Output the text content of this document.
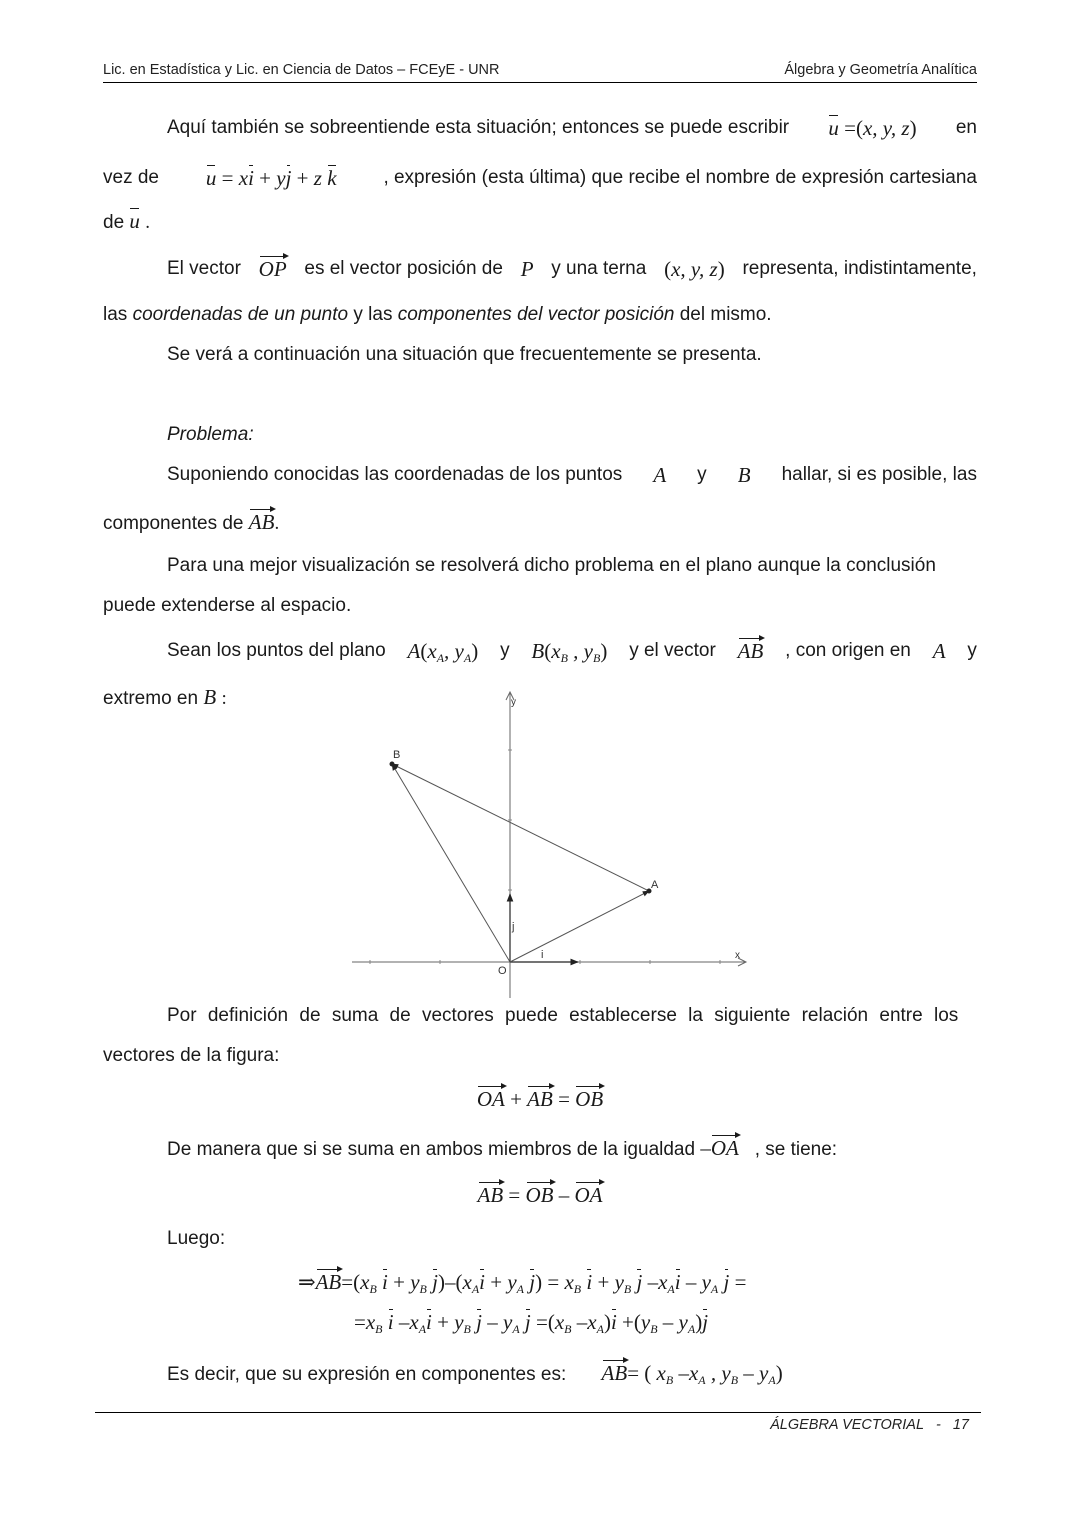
Lic. en Estadística y Lic. en Ciencia de Datos – FCEyE - UNR	Álgebra y Geometría Analítica
Aquí también se sobreentiende esta situación; entonces se puede escribir u =(x, y, z) en
vez de u = xi + yj + z k , expresión (esta última) que recibe el nombre de expresión cartesiana
de u .
El vector OP es el vector posición de P y una terna (x, y, z) representa, indistintamente,
las coordenadas de un punto y las componentes del vector posición del mismo.
Se verá a continuación una situación que frecuentemente se presenta.
Problema:
Suponiendo conocidas las coordenadas de los puntos A y B hallar, si es posible, las
componentes de AB.
Para una mejor visualización se resolverá dicho problema en el plano aunque la conclusión
puede extenderse al espacio.
Sean los puntos del plano $A(x_A$, $y_A$) y $B(x_B$ , $y_B$) y el vector AB , con origen en A y
extremo en B :	y
x
O
A
B
i
j
Por definición de suma de vectores puede establecerse la siguiente relación entre los
vectores de la figura:
OA + AB = OB
De manera que si se suma en ambos miembros de la igualdad –OA , se tiene:
AB = OB – OA
Luego:
$\Rightarrow AB=(x_B$ $i + y_B$ $j)-(x_Ai + y_A$ $j) = x_B$ $i + y_B$ j $-x_Ai - y_A$ j =
$=x_B$ i $-x_Ai + y_B$ j – $y_A$ $j =(x_B$ $-x_A)i +(y_B - y_A)j$
Es decir, que su expresión en componentes es: AB= ( $x_B$ $-x_A$ , $y_B - y_A$)
ÁLGEBRA VECTORIAL - 17
